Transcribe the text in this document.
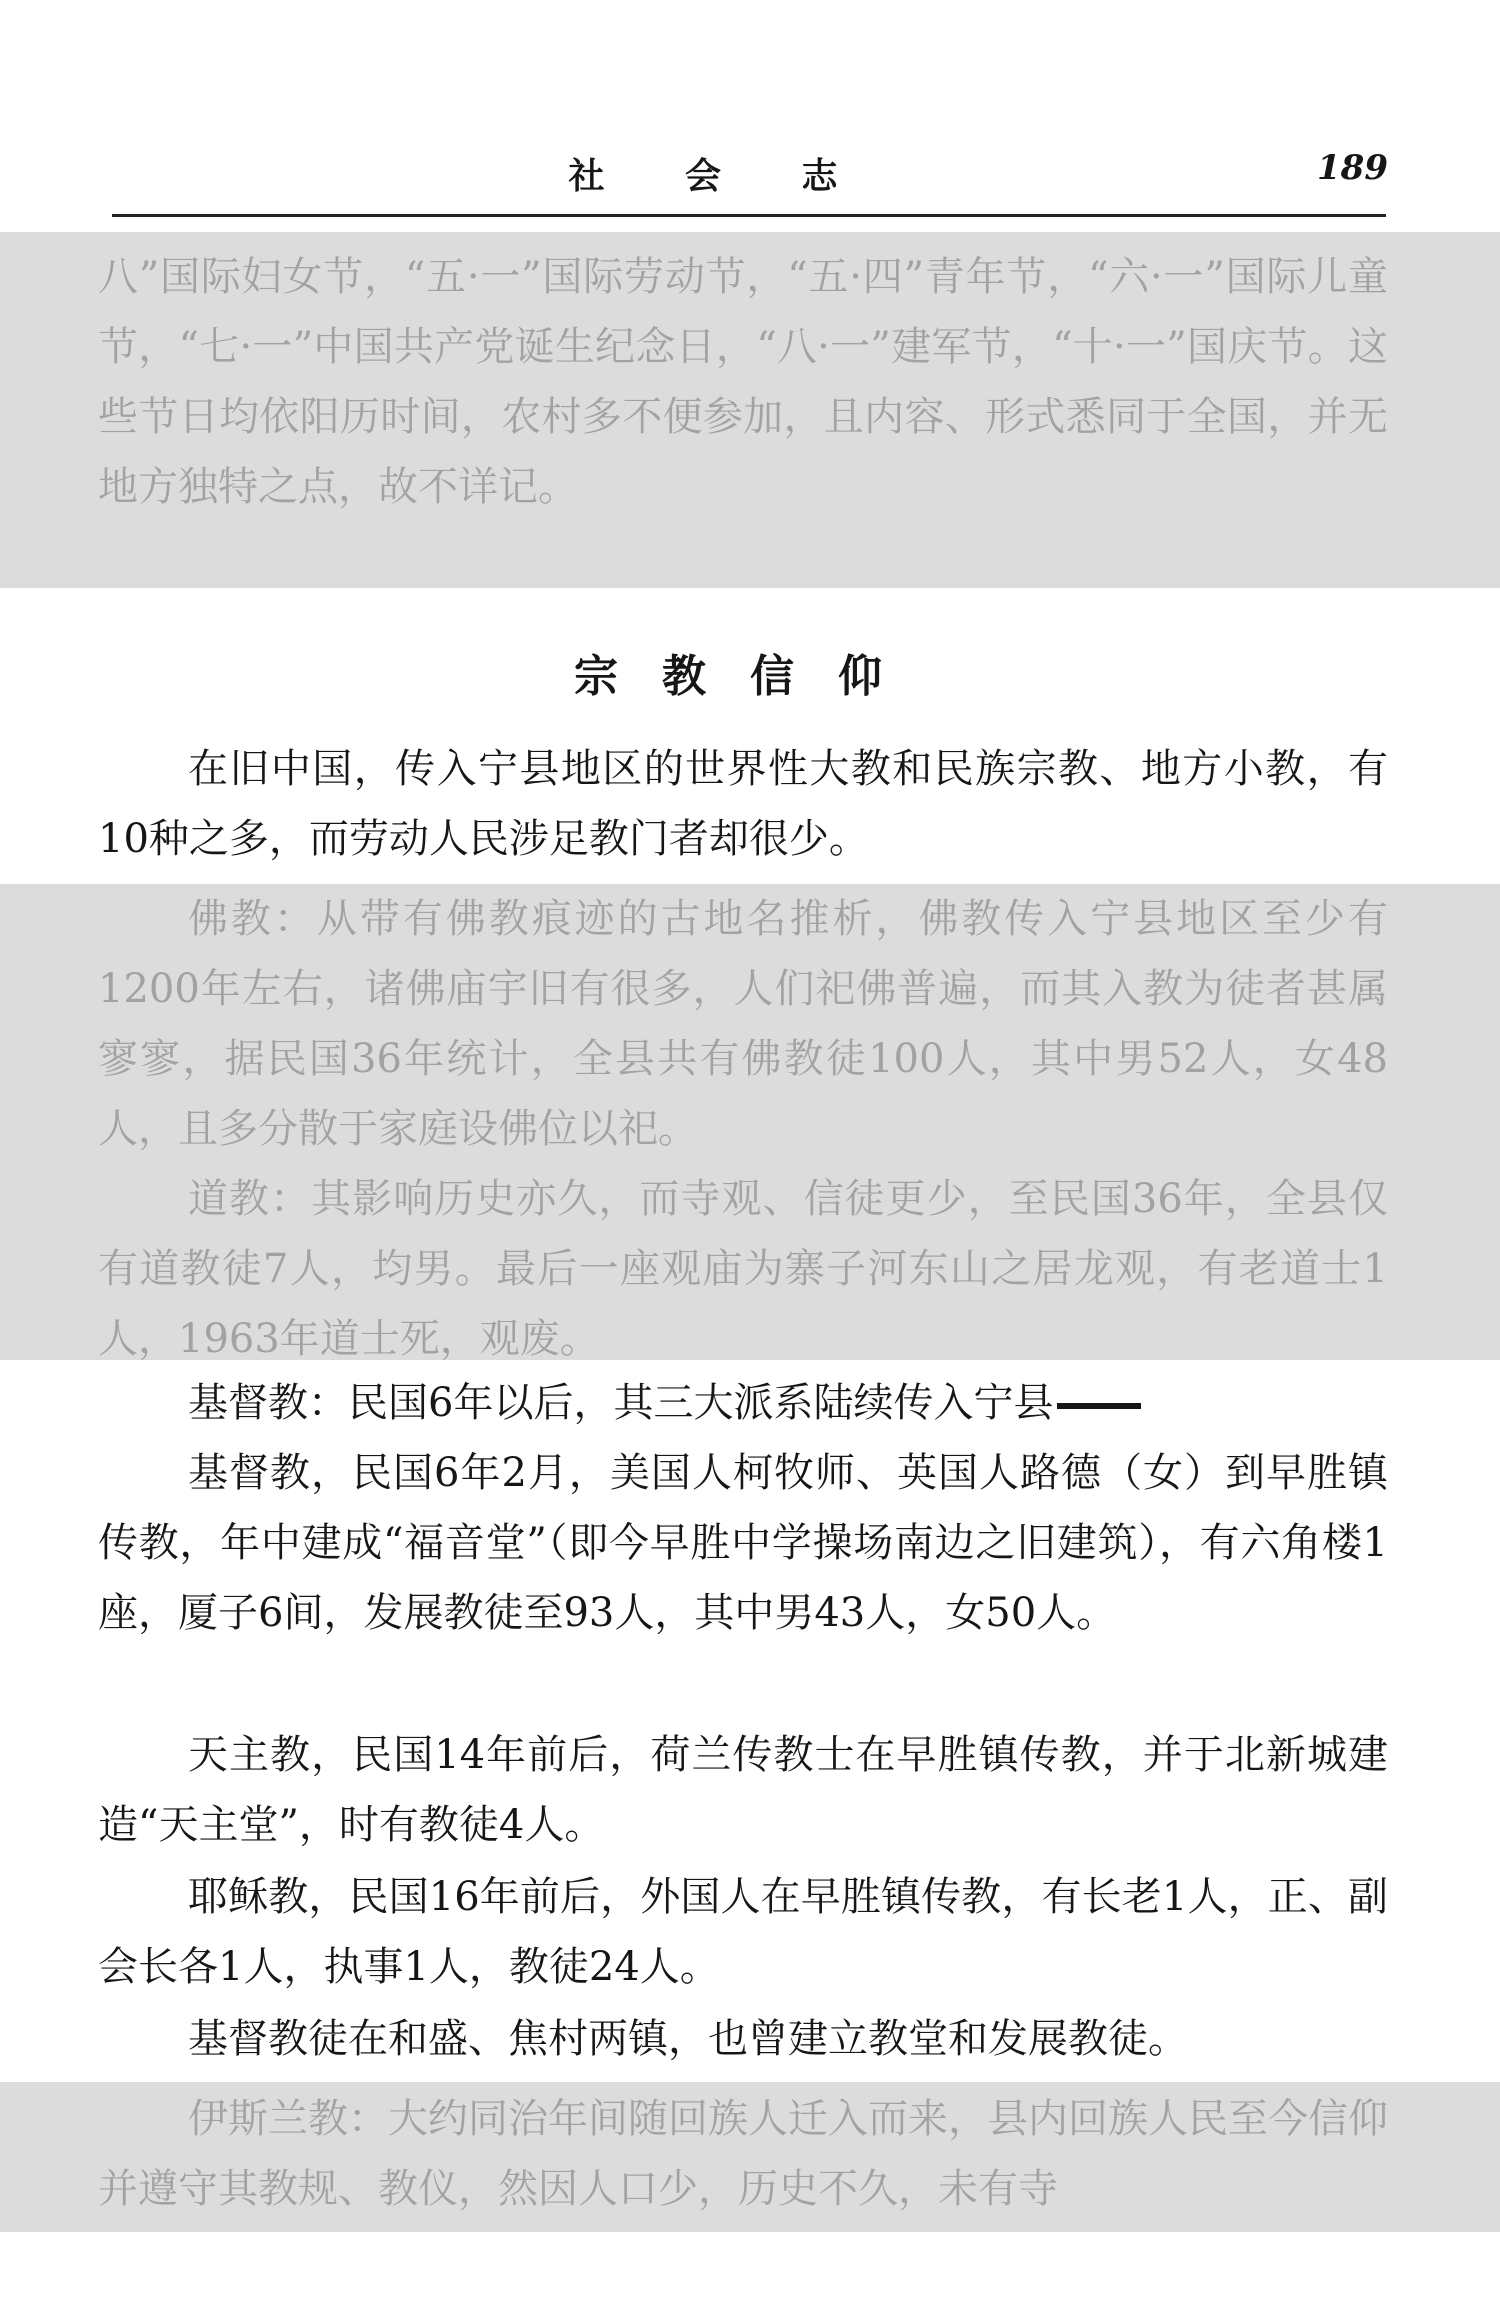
社 会 志	189

八”国际妇女节，“五·一”国际劳动节，“五·四”青年节，“六·一”国际儿童节，“七·一”中国共产党诞生纪念日，“八·一”建军节，“十·一”国庆节。这些节日均依阳历时间，农村多不便参加，且内容、形式悉同于全国，并无地方独特之点，故不详记。

宗教信仰

在旧中国，传入宁县地区的世界性大教和民族宗教、地方小教，有10种之多，而劳动人民涉足教门者却很少。

佛教：从带有佛教痕迹的古地名推析，佛教传入宁县地区至少有1200年左右，诸佛庙宇旧有很多，人们祀佛普遍，而其入教为徒者甚属寥寥，据民国36年统计，全县共有佛教徒100人，其中男52人，女48人，且多分散于家庭设佛位以祀。

道教：其影响历史亦久，而寺观、信徒更少，至民国36年，全县仅有道教徒7人，均男。最后一座观庙为寨子河东山之居龙观，有老道士1人，1963年道士死，观废。

基督教：民国6年以后，其三大派系陆续传入宁县

基督教，民国6年2月，美国人柯牧师、英国人路德（女）到早胜镇传教，年中建成“福音堂”（即今早胜中学操场南边之旧建筑），有六角楼1座，厦子6间，发展教徒至93人，其中男43人，女50人。

天主教，民国14年前后，荷兰传教士在早胜镇传教，并于北新城建造“天主堂”，时有教徒4人。

耶稣教，民国16年前后，外国人在早胜镇传教，有长老1人，正、副会长各1人，执事1人，教徒24人。

基督教徒在和盛、焦村两镇，也曾建立教堂和发展教徒。

伊斯兰教：大约同治年间随回族人迁入而来，县内回族人民至今信仰并遵守其教规、教仪，然因人口少，历史不久，未有寺
